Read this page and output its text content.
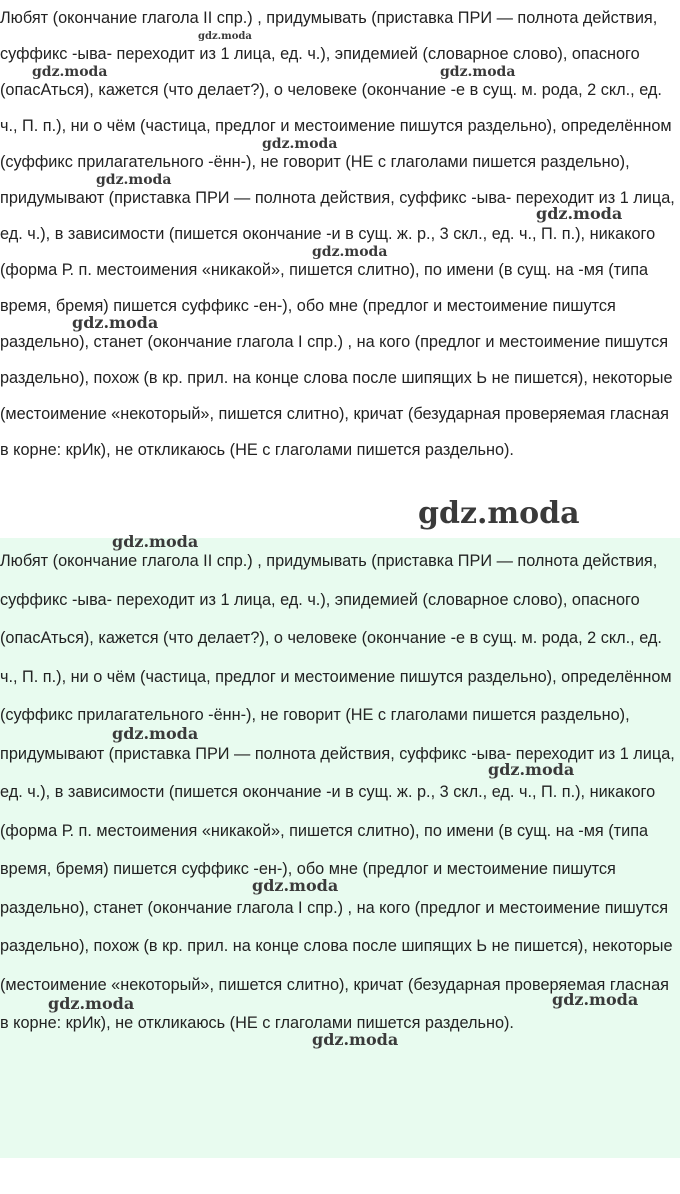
Любят (окончание глагола II спр.) , придумывать (приставка ПРИ — полнота действия, суффикс -ыва- переходит из 1 лица, ед. ч.), эпидемией (словарное слово), опасного (опасАться), кажется (что делает?), о человеке (окончание -е в сущ. м. рода, 2 скл., ед. ч., П. п.), ни о чём (частица, предлог и местоимение пишутся раздельно), определённом (суффикс прилагательного -ённ-), не говорит (НЕ с глаголами пишется раздельно), придумывают (приставка ПРИ — полнота действия, суффикс -ыва- переходит из 1 лица, ед. ч.), в зависимости (пишется окончание -и в сущ. ж. р., 3 скл., ед. ч., П. п.), никакого (форма Р. п. местоимения «никакой», пишется слитно), по имени (в сущ. на -мя (типа время, бремя) пишется суффикс -ен-), обо мне (предлог и местоимение пишутся раздельно), станет (окончание глагола I спр.) , на кого (предлог и местоимение пишутся раздельно), похож (в кр. прил. на конце слова после шипящих Ь не пишется), некоторые (местоимение «некоторый», пишется слитно), кричат (безударная проверяемая гласная в корне: крИк), не откликаюсь (НЕ с глаголами пишется раздельно).

Любят (окончание глагола II спр.) , придумывать (приставка ПРИ — полнота действия, суффикс -ыва- переходит из 1 лица, ед. ч.), эпидемией (словарное слово), опасного (опасАться), кажется (что делает?), о человеке (окончание -е в сущ. м. рода, 2 скл., ед. ч., П. п.), ни о чём (частица, предлог и местоимение пишутся раздельно), определённом (суффикс прилагательного -ённ-), не говорит (НЕ с глаголами пишется раздельно), придумывают (приставка ПРИ — полнота действия, суффикс -ыва- переходит из 1 лица, ед. ч.), в зависимости (пишется окончание -и в сущ. ж. р., 3 скл., ед. ч., П. п.), никакого (форма Р. п. местоимения «никакой», пишется слитно), по имени (в сущ. на -мя (типа время, бремя) пишется суффикс -ен-), обо мне (предлог и местоимение пишутся раздельно), станет (окончание глагола I спр.) , на кого (предлог и местоимение пишутся раздельно), похож (в кр. прил. на конце слова после шипящих Ь не пишется), некоторые (местоимение «некоторый», пишется слитно), кричат (безударная проверяемая гласная в корне: крИк), не откликаюсь (НЕ с глаголами пишется раздельно).

gdz.moda
gdz.moda	gdz.moda
gdz.moda
gdz.moda
gdz.moda
gdz.moda
gdz.moda
gdz.moda
gdz.moda
gdz.moda
gdz.moda
gdz.moda
gdz.moda	gdz.moda
gdz.moda
